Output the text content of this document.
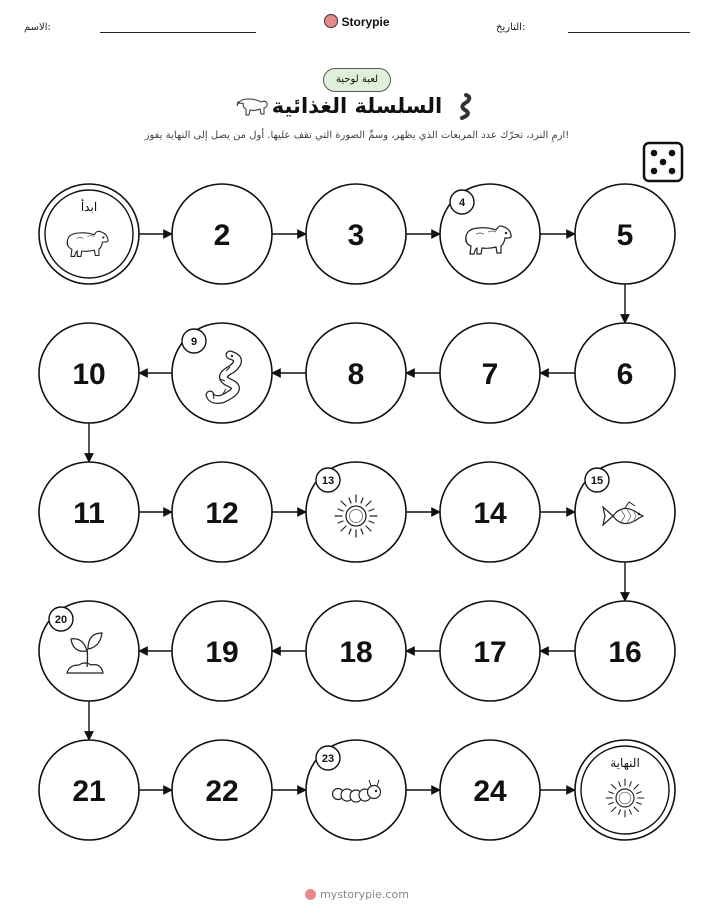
الاسم:	Storypie	التاريخ:
لعبة لوحية
السلسلة الغذائية
ارمِ النرد، تحرّك عدد المربعات الذي يظهر، وسمِّ الصورة التي تقف عليها. أول من يصل إلى النهاية يفوز!
ابدأ
2	3
4
5
10
9
8	7	6
11	12
13
14
15
20
19	18	17	16
21	22
23
24
النهاية
mystorypie.com
